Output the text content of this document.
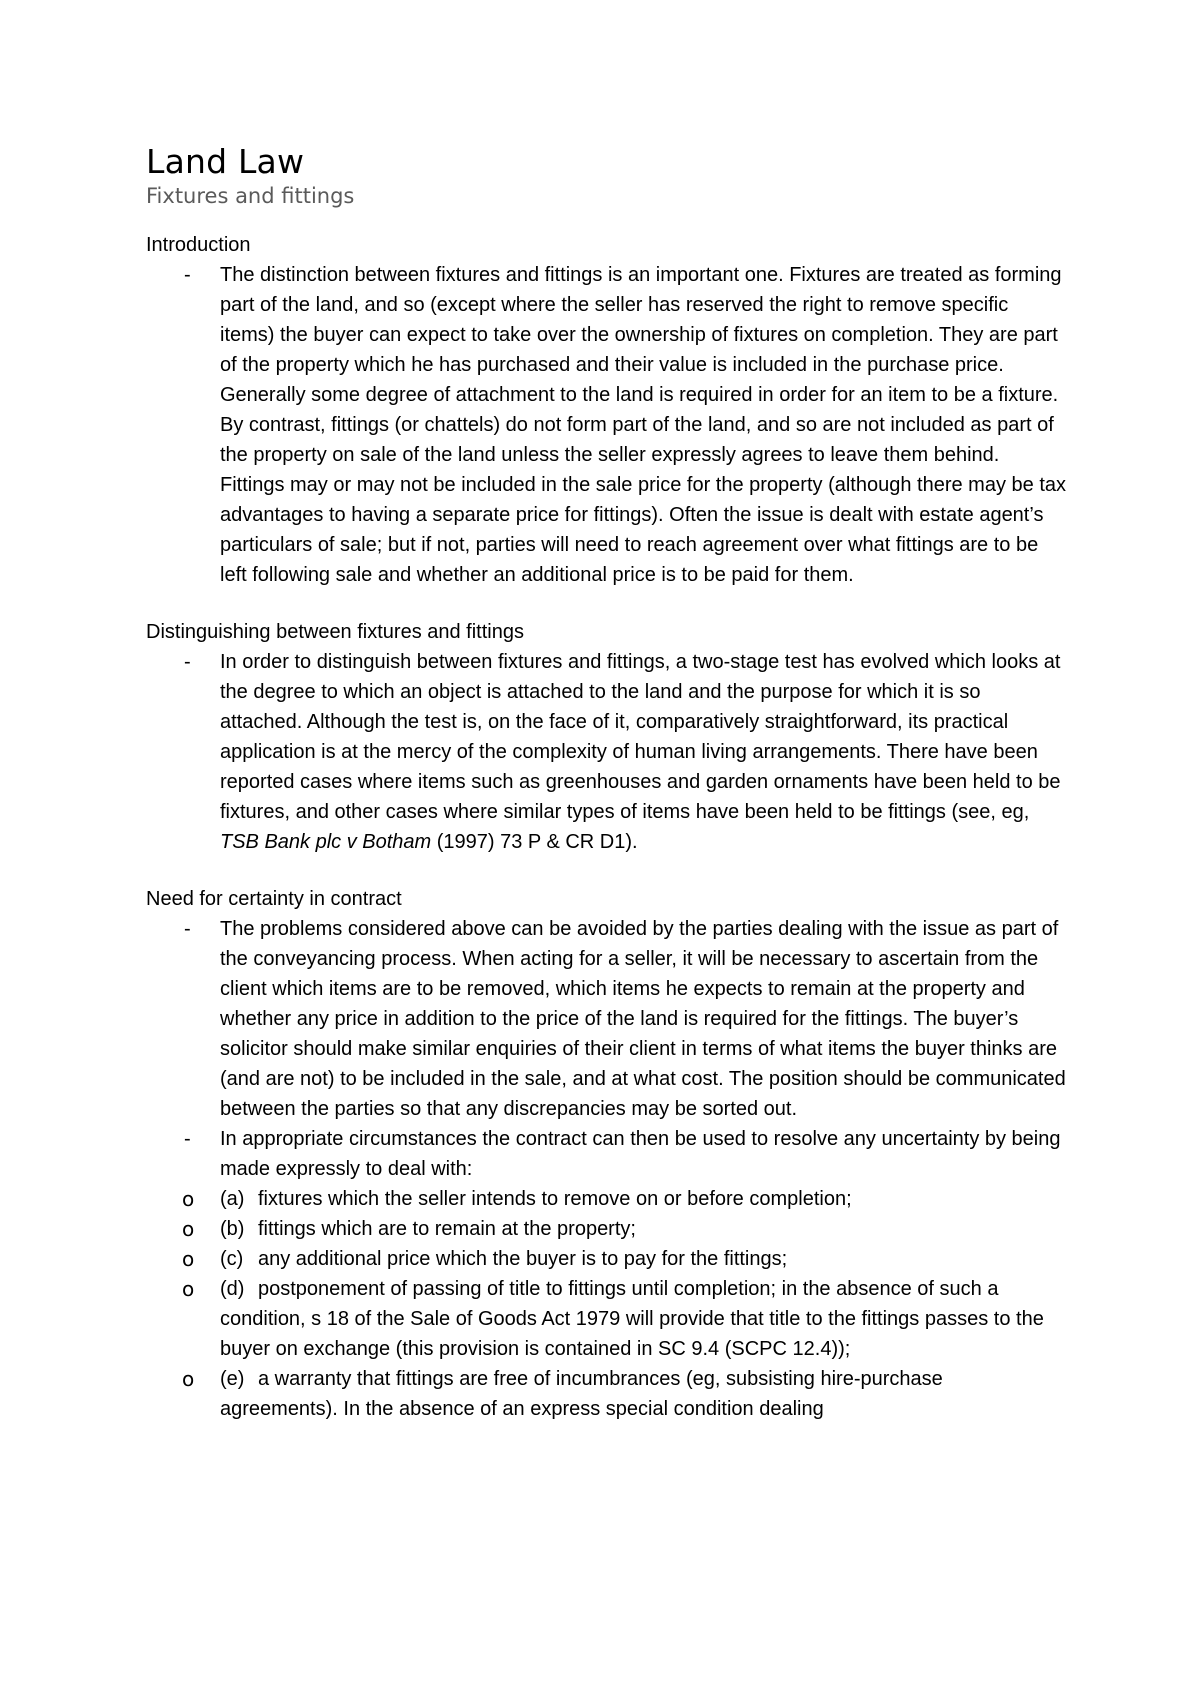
Land Law
Fixtures and fittings
Introduction
- The distinction between fixtures and fittings is an important one. Fixtures are treated as forming part of the land, and so (except where the seller has reserved the right to remove specific items) the buyer can expect to take over the ownership of fixtures on completion. They are part of the property which he has purchased and their value is included in the purchase price. Generally some degree of attachment to the land is required in order for an item to be a fixture. By contrast, fittings (or chattels) do not form part of the land, and so are not included as part of the property on sale of the land unless the seller expressly agrees to leave them behind. Fittings may or may not be included in the sale price for the property (although there may be tax advantages to having a separate price for fittings). Often the issue is dealt with estate agent’s particulars of sale; but if not, parties will need to reach agreement over what fittings are to be left following sale and whether an additional price is to be paid for them.
Distinguishing between fixtures and fittings
- In order to distinguish between fixtures and fittings, a two-stage test has evolved which looks at the degree to which an object is attached to the land and the purpose for which it is so attached. Although the test is, on the face of it, comparatively straightforward, its practical application is at the mercy of the complexity of human living arrangements. There have been reported cases where items such as greenhouses and garden ornaments have been held to be fixtures, and other cases where similar types of items have been held to be fittings (see, eg, TSB Bank plc v Botham (1997) 73 P & CR D1).
Need for certainty in contract
- The problems considered above can be avoided by the parties dealing with the issue as part of the conveyancing process. When acting for a seller, it will be necessary to ascertain from the client which items are to be removed, which items he expects to remain at the property and whether any price in addition to the price of the land is required for the fittings. The buyer’s solicitor should make similar enquiries of their client in terms of what items the buyer thinks are (and are not) to be included in the sale, and at what cost. The position should be communicated between the parties so that any discrepancies may be sorted out.
- In appropriate circumstances the contract can then be used to resolve any uncertainty by being made expressly to deal with:
o (a) fixtures which the seller intends to remove on or before completion;
o (b) fittings which are to remain at the property;
o (c) any additional price which the buyer is to pay for the fittings;
o (d) postponement of passing of title to fittings until completion; in the absence of such a condition, s 18 of the Sale of Goods Act 1979 will provide that title to the fittings passes to the buyer on exchange (this provision is contained in SC 9.4 (SCPC 12.4));
o (e) a warranty that fittings are free of incumbrances (eg, subsisting hire-purchase agreements). In the absence of an express special condition dealing
